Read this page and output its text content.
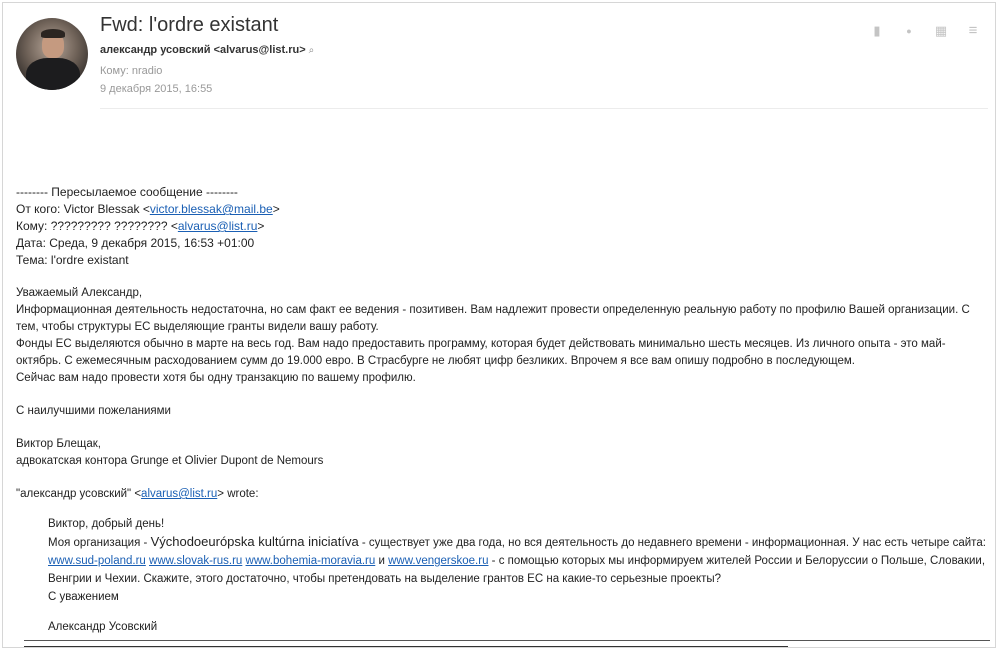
Fwd: l'ordre existant
александр усовский <alvarus@list.ru> ⌕
Кому: nradio
9 декабря 2015, 16:55
▮	●	▦ ≡

-------- Пересылаемое сообщение --------

От кого: Victor Blessak <victor.blessak@mail.be>

Кому: ????????? ???????? <alvarus@list.ru>

Дата: Среда, 9 декабря 2015, 16:53 +01:00

Тема: l'ordre existant

Уважаемый Александр,

Информационная деятельность недостаточна, но сам факт ее ведения - позитивен. Вам надлежит провести определенную реальную работу по профилю Вашей организации. С тем, чтобы структуры ЕС выделяющие гранты видели вашу работу.

Фонды ЕС выделяются обычно в марте на весь год. Вам надо предоставить программу, которая будет действовать минимально шесть месяцев. Из личного опыта - это май-октябрь. С ежемесячным расходованием сумм до 19.000 евро. В Страсбурге не любят цифр безликих. Впрочем я все вам опишу подробно в последующем.

Сейчас вам надо провести хотя бы одну транзакцию по вашему профилю.

С наилучшими пожеланиями

Виктор Блещак,

адвокатская контора Grunge et Olivier Dupont de Nemours

"александр усовский" <alvarus@list.ru> wrote:

Виктор, добрый день!

Моя организация - Východoeurópska kultúrna iniciatíva - существует уже два года, но вся деятельность до недавнего времени - информационная. У нас есть четыре сайта:

www.sud-poland.ru www.slovak-rus.ru www.bohemia-moravia.ru и www.vengerskoe.ru - с помощью которых мы информируем жителей России и Белоруссии о Польше, Словакии, Венгрии и Чехии. Скажите, этого достаточно, чтобы претендовать на выделение грантов ЕС на какие-то серьезные проекты?

С уважением

Александр Усовский
